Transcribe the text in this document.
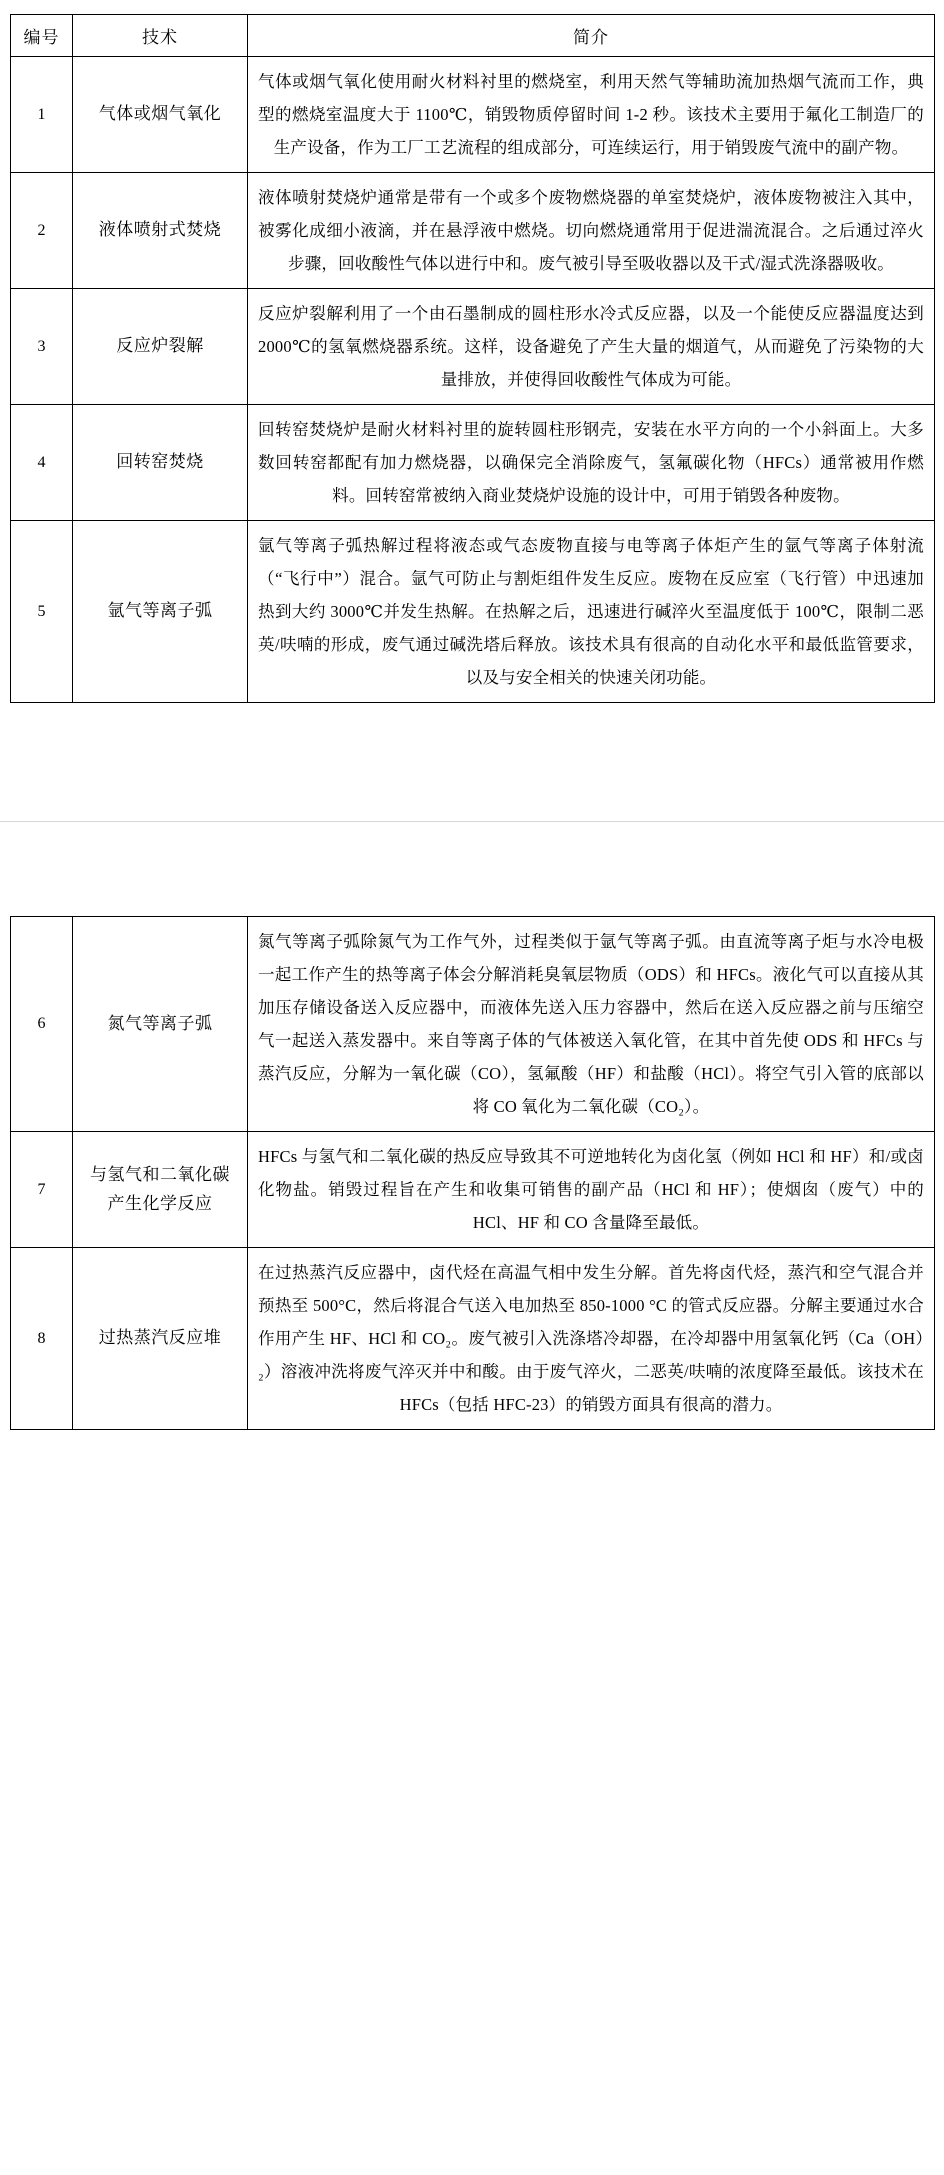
编号	技术	简介
1	气体或烟气氧化	气体或烟气氧化使用耐火材料衬里的燃烧室，利用天然气等辅助流加热烟气流而工作，典型的燃烧室温度大于 1100℃，销毁物质停留时间 1-2 秒。该技术主要用于氟化工制造厂的生产设备，作为工厂工艺流程的组成部分，可连续运行，用于销毁废气流中的副产物。
2	液体喷射式焚烧	液体喷射焚烧炉通常是带有一个或多个废物燃烧器的单室焚烧炉，液体废物被注入其中，被雾化成细小液滴，并在悬浮液中燃烧。切向燃烧通常用于促进湍流混合。之后通过淬火步骤，回收酸性气体以进行中和。废气被引导至吸收器以及干式/湿式洗涤器吸收。
3	反应炉裂解	反应炉裂解利用了一个由石墨制成的圆柱形水冷式反应器，以及一个能使反应器温度达到 2000℃的氢氧燃烧器系统。这样，设备避免了产生大量的烟道气，从而避免了污染物的大量排放，并使得回收酸性气体成为可能。
4	回转窑焚烧	回转窑焚烧炉是耐火材料衬里的旋转圆柱形钢壳，安装在水平方向的一个小斜面上。大多数回转窑都配有加力燃烧器，以确保完全消除废气，氢氟碳化物（HFCs）通常被用作燃料。回转窑常被纳入商业焚烧炉设施的设计中，可用于销毁各种废物。
5	氩气等离子弧	氩气等离子弧热解过程将液态或气态废物直接与电等离子体炬产生的氩气等离子体射流（“飞行中”）混合。氩气可防止与割炬组件发生反应。废物在反应室（飞行管）中迅速加热到大约 3000℃并发生热解。在热解之后，迅速进行碱淬火至温度低于 100℃，限制二恶英/呋喃的形成，废气通过碱洗塔后释放。该技术具有很高的自动化水平和最低监管要求，以及与安全相关的快速关闭功能。
6	氮气等离子弧	氮气等离子弧除氮气为工作气外，过程类似于氩气等离子弧。由直流等离子炬与水冷电极一起工作产生的热等离子体会分解消耗臭氧层物质（ODS）和 HFCs。液化气可以直接从其加压存储设备送入反应器中，而液体先送入压力容器中，然后在送入反应器之前与压缩空气一起送入蒸发器中。来自等离子体的气体被送入氧化管，在其中首先使 ODS 和 HFCs 与蒸汽反应，分解为一氧化碳（CO），氢氟酸（HF）和盐酸（HCl）。将空气引入管的底部以将 CO 氧化为二氧化碳（CO₂）。
7	与氢气和二氧化碳产生化学反应	HFCs 与氢气和二氧化碳的热反应导致其不可逆地转化为卤化氢（例如 HCl 和 HF）和/或卤化物盐。销毁过程旨在产生和收集可销售的副产品（HCl 和 HF）；使烟囱（废气）中的 HCl、HF 和 CO 含量降至最低。
8	过热蒸汽反应堆	在过热蒸汽反应器中，卤代烃在高温气相中发生分解。首先将卤代烃，蒸汽和空气混合并预热至 500°C，然后将混合气送入电加热至 850-1000 °C 的管式反应器。分解主要通过水合作用产生 HF、HCl 和 CO₂。废气被引入洗涤塔冷却器，在冷却器中用氢氧化钙（Ca（OH）₂）溶液冲洗将废气淬灭并中和酸。由于废气淬火，二恶英/呋喃的浓度降至最低。该技术在 HFCs（包括 HFC-23）的销毁方面具有很高的潜力。
